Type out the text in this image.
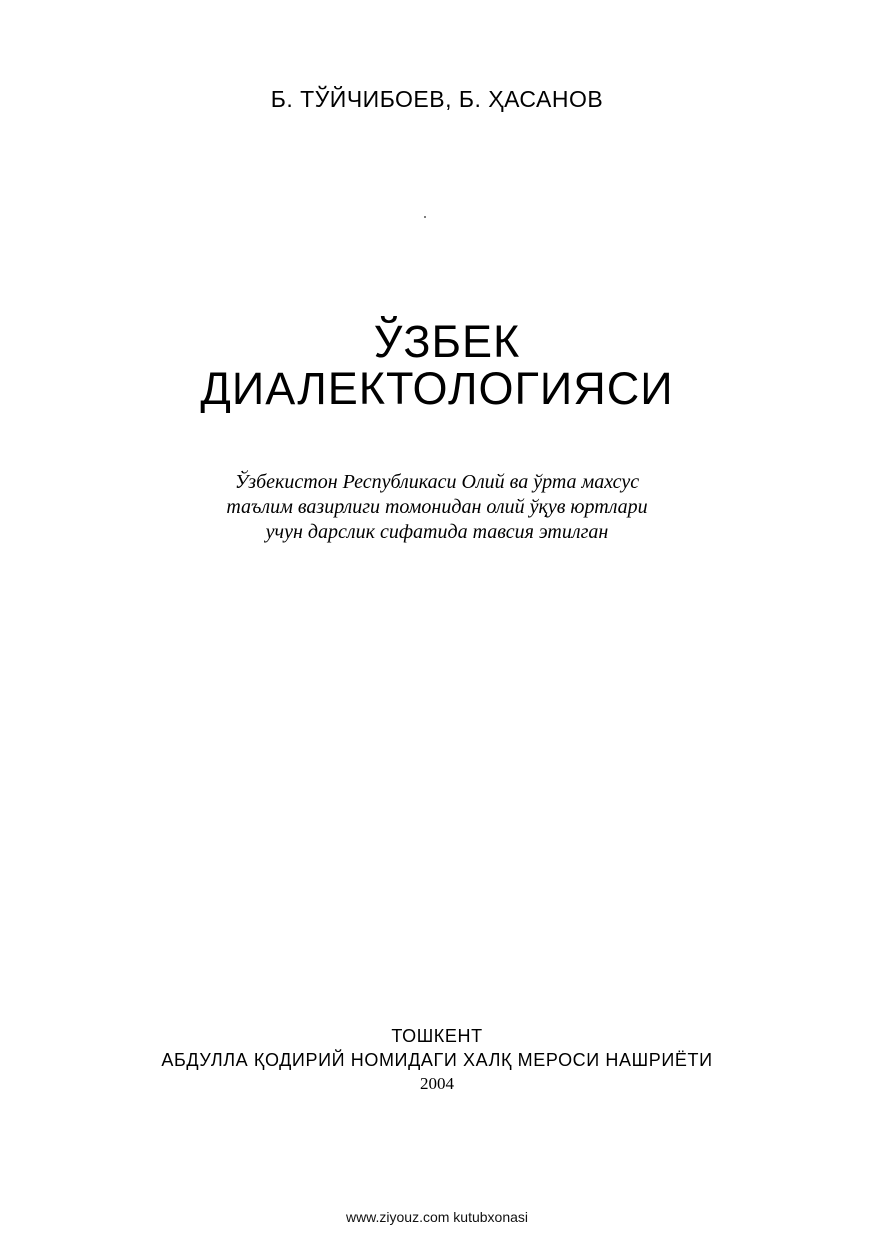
Б. ТЎЙЧИБОЕВ, Б. ҲАСАНОВ
ЎЗБЕК
ДИАЛЕКТОЛОГИЯСИ
Ўзбекистон Республикаси Олий ва ўрта махсус
таълим вазирлиги томонидан олий ўқув юртлари
учун дарслик сифатида тавсия этилган
ТОШКЕНТ
АБДУЛЛА ҚОДИРИЙ НОМИДАГИ ХАЛҚ МЕРОСИ НАШРИЁТИ
2004
www.ziyouz.com kutubxonasi
